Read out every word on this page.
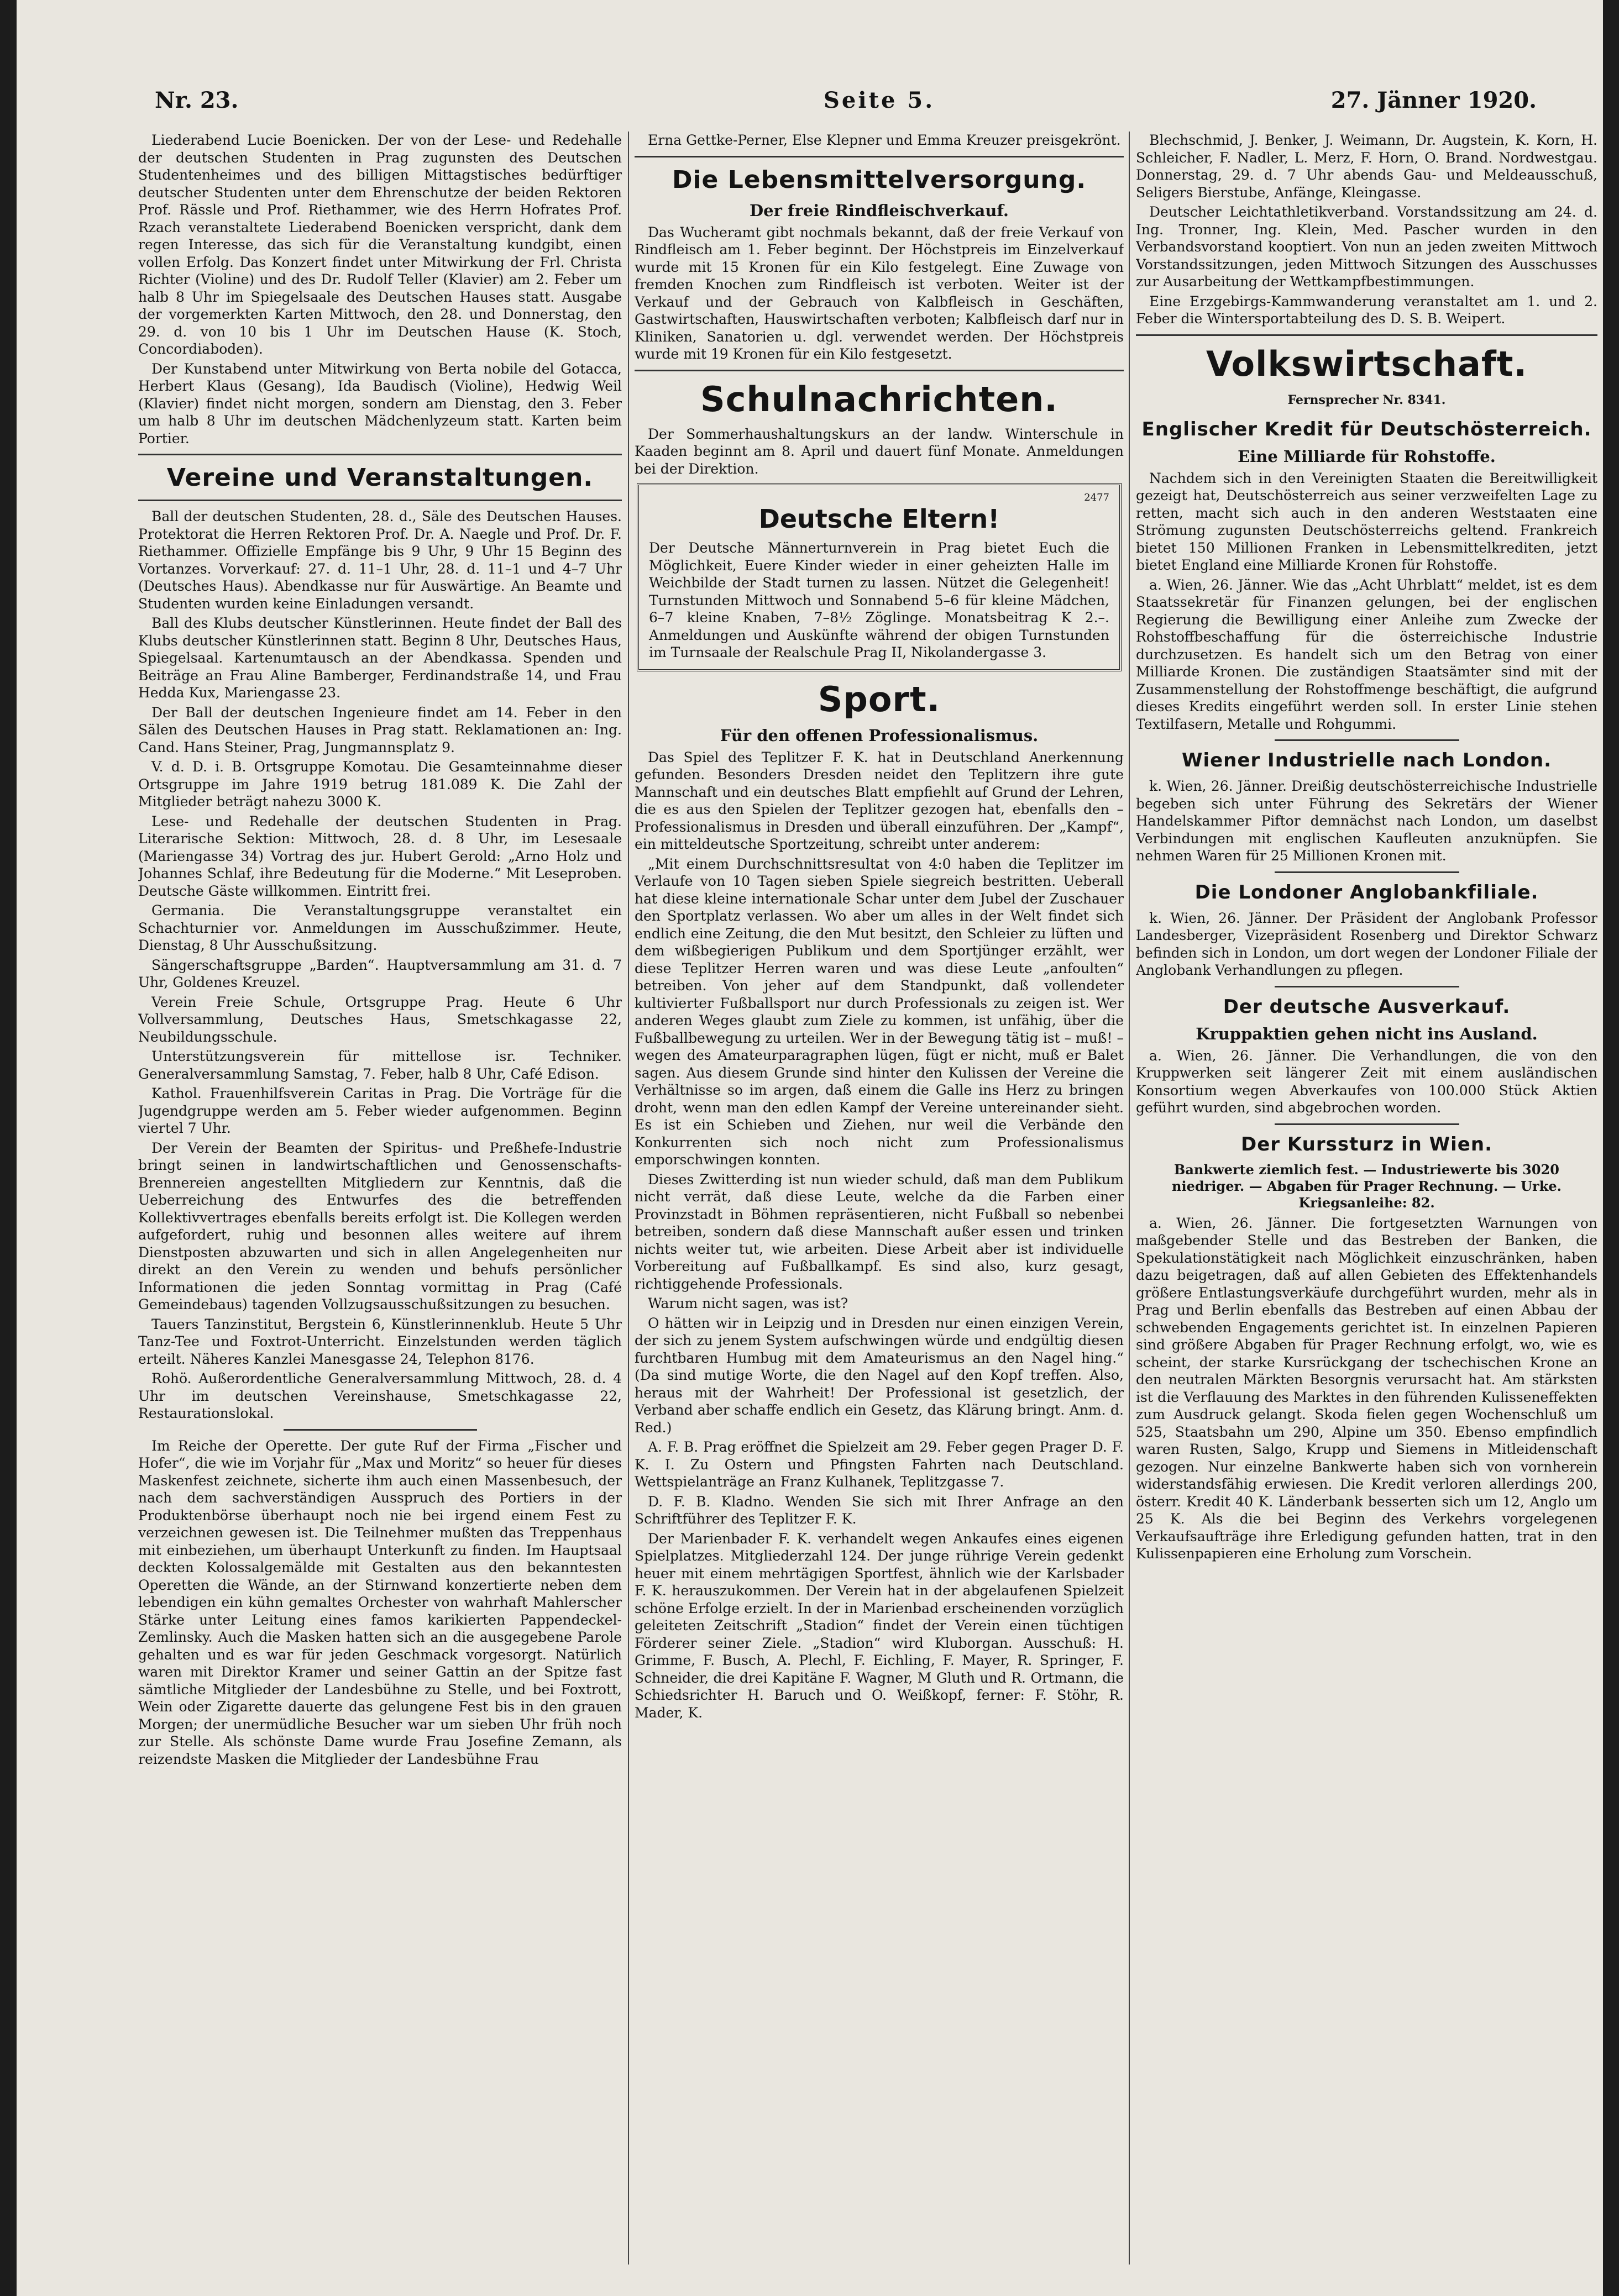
Nr. 23.	Seite 5.	27. Jänner 1920.

Liederabend Lucie Boenicken. Der von der Lese- und Redehalle der deutschen Studenten in Prag zugunsten des Deutschen Studentenheimes und des billigen Mittagstisches bedürftiger deutscher Studenten unter dem Ehrenschutze der beiden Rektoren Prof. Rässle und Prof. Riethammer, wie des Herrn Hofrates Prof. Rzach veranstaltete Liederabend Boenicken verspricht, dank dem regen Interesse, das sich für die Veranstaltung kundgibt, einen vollen Erfolg. Das Konzert findet unter Mitwirkung der Frl. Christa Richter (Violine) und des Dr. Rudolf Teller (Klavier) am 2. Feber um halb 8 Uhr im Spiegelsaale des Deutschen Hauses statt. Ausgabe der vorgemerkten Karten Mittwoch, den 28. und Donnerstag, den 29. d. von 10 bis 1 Uhr im Deutschen Hause (K. Stoch, Concordiaboden).

Der Kunstabend unter Mitwirkung von Berta nobile del Gotacca, Herbert Klaus (Gesang), Ida Baudisch (Violine), Hedwig Weil (Klavier) findet nicht morgen, sondern am Dienstag, den 3. Feber um halb 8 Uhr im deutschen Mädchenlyzeum statt. Karten beim Portier.

Vereine und Veranstaltungen.

Ball der deutschen Studenten, 28. d., Säle des Deutschen Hauses. Protektorat die Herren Rektoren Prof. Dr. A. Naegle und Prof. Dr. F. Riethammer. Offizielle Empfänge bis 9 Uhr, 9 Uhr 15 Beginn des Vortanzes. Vorverkauf: 27. d. 11–1 Uhr, 28. d. 11–1 und 4–7 Uhr (Deutsches Haus). Abendkasse nur für Auswärtige. An Beamte und Studenten wurden keine Einladungen versandt.

Ball des Klubs deutscher Künstlerinnen. Heute findet der Ball des Klubs deutscher Künstlerinnen statt. Beginn 8 Uhr, Deutsches Haus, Spiegelsaal. Kartenumtausch an der Abendkassa. Spenden und Beiträge an Frau Aline Bamberger, Ferdinandstraße 14, und Frau Hedda Kux, Mariengasse 23.

Der Ball der deutschen Ingenieure findet am 14. Feber in den Sälen des Deutschen Hauses in Prag statt. Reklamationen an: Ing. Cand. Hans Steiner, Prag, Jungmannsplatz 9.

V. d. D. i. B. Ortsgruppe Komotau. Die Gesamteinnahme dieser Ortsgruppe im Jahre 1919 betrug 181.089 K. Die Zahl der Mitglieder beträgt nahezu 3000 K.

Lese- und Redehalle der deutschen Studenten in Prag. Literarische Sektion: Mittwoch, 28. d. 8 Uhr, im Lesesaale (Mariengasse 34) Vortrag des jur. Hubert Gerold: „Arno Holz und Johannes Schlaf, ihre Bedeutung für die Moderne.“ Mit Leseproben. Deutsche Gäste willkommen. Eintritt frei.

Germania. Die Veranstaltungsgruppe veranstaltet ein Schachturnier vor. Anmeldungen im Ausschußzimmer. Heute, Dienstag, 8 Uhr Ausschußsitzung.

Sängerschaftsgruppe „Barden“. Hauptversammlung am 31. d. 7 Uhr, Goldenes Kreuzel.

Verein Freie Schule, Ortsgruppe Prag. Heute 6 Uhr Vollversammlung, Deutsches Haus, Smetschkagasse 22, Neubildungsschule.

Unterstützungsverein für mittellose isr. Techniker. Generalversammlung Samstag, 7. Feber, halb 8 Uhr, Café Edison.

Kathol. Frauenhilfsverein Caritas in Prag. Die Vorträge für die Jugendgruppe werden am 5. Feber wieder aufgenommen. Beginn viertel 7 Uhr.

Der Verein der Beamten der Spiritus- und Preßhefe-Industrie bringt seinen in landwirtschaftlichen und Genossenschafts-Brennereien angestellten Mitgliedern zur Kenntnis, daß die Ueberreichung des Entwurfes des die betreffenden Kollektivvertrages ebenfalls bereits erfolgt ist. Die Kollegen werden aufgefordert, ruhig und besonnen alles weitere auf ihrem Dienstposten abzuwarten und sich in allen Angelegenheiten nur direkt an den Verein zu wenden und behufs persönlicher Informationen die jeden Sonntag vormittag in Prag (Café Gemeindebaus) tagenden Vollzugsausschußsitzungen zu besuchen.

Tauers Tanzinstitut, Bergstein 6, Künstlerinnenklub. Heute 5 Uhr Tanz-Tee und Foxtrot-Unterricht. Einzelstunden werden täglich erteilt. Näheres Kanzlei Manesgasse 24, Telephon 8176.

Rohö. Außerordentliche Generalversammlung Mittwoch, 28. d. 4 Uhr im deutschen Vereinshause, Smetschkagasse 22, Restaurationslokal.

Im Reiche der Operette. Der gute Ruf der Firma „Fischer und Hofer“, die wie im Vorjahr für „Max und Moritz“ so heuer für dieses Maskenfest zeichnete, sicherte ihm auch einen Massenbesuch, der nach dem sachverständigen Ausspruch des Portiers in der Produktenbörse überhaupt noch nie bei irgend einem Fest zu verzeichnen gewesen ist. Die Teilnehmer mußten das Treppenhaus mit einbeziehen, um überhaupt Unterkunft zu finden. Im Hauptsaal deckten Kolossalgemälde mit Gestalten aus den bekanntesten Operetten die Wände, an der Stirnwand konzertierte neben dem lebendigen ein kühn gemaltes Orchester von wahrhaft Mahlerscher Stärke unter Leitung eines famos karikierten Pappendeckel-Zemlinsky. Auch die Masken hatten sich an die ausgegebene Parole gehalten und es war für jeden Geschmack vorgesorgt. Natürlich waren mit Direktor Kramer und seiner Gattin an der Spitze fast sämtliche Mitglieder der Landesbühne zu Stelle, und bei Foxtrott, Wein oder Zigarette dauerte das gelungene Fest bis in den grauen Morgen; der unermüdliche Besucher war um sieben Uhr früh noch zur Stelle. Als schönste Dame wurde Frau Josefine Zemann, als reizendste Masken die Mitglieder der Landesbühne Frau

Erna Gettke-Perner, Else Klepner und Emma Kreuzer preisgekrönt.

Die Lebensmittelversorgung.
Der freie Rindfleischverkauf.

Das Wucheramt gibt nochmals bekannt, daß der freie Verkauf von Rindfleisch am 1. Feber beginnt. Der Höchstpreis im Einzelverkauf wurde mit 15 Kronen für ein Kilo festgelegt. Eine Zuwage von fremden Knochen zum Rindfleisch ist verboten. Weiter ist der Verkauf und der Gebrauch von Kalbfleisch in Geschäften, Gastwirtschaften, Hauswirtschaften verboten; Kalbfleisch darf nur in Kliniken, Sanatorien u. dgl. verwendet werden. Der Höchstpreis wurde mit 19 Kronen für ein Kilo festgesetzt.

Schulnachrichten.

Der Sommerhaushaltungskurs an der landw. Winterschule in Kaaden beginnt am 8. April und dauert fünf Monate. Anmeldungen bei der Direktion.

2477
Deutsche Eltern!

Der Deutsche Männerturnverein in Prag bietet Euch die Möglichkeit, Euere Kinder wieder in einer geheizten Halle im Weichbilde der Stadt turnen zu lassen. Nützet die Gelegenheit! Turnstunden Mittwoch und Sonnabend 5–6 für kleine Mädchen, 6–7 kleine Knaben, 7–8½ Zöglinge. Monatsbeitrag K 2.–. Anmeldungen und Auskünfte während der obigen Turnstunden im Turnsaale der Realschule Prag II, Nikolandergasse 3.

Sport.
Für den offenen Professionalismus.

Das Spiel des Teplitzer F. K. hat in Deutschland Anerkennung gefunden. Besonders Dresden neidet den Teplitzern ihre gute Mannschaft und ein deutsches Blatt empfiehlt auf Grund der Lehren, die es aus den Spielen der Teplitzer gezogen hat, ebenfalls den – Professionalismus in Dresden und überall einzuführen. Der „Kampf“, ein mitteldeutsche Sportzeitung, schreibt unter anderem:

„Mit einem Durchschnittsresultat von 4:0 haben die Teplitzer im Verlaufe von 10 Tagen sieben Spiele siegreich bestritten. Ueberall hat diese kleine internationale Schar unter dem Jubel der Zuschauer den Sportplatz verlassen. Wo aber um alles in der Welt findet sich endlich eine Zeitung, die den Mut besitzt, den Schleier zu lüften und dem wißbegierigen Publikum und dem Sportjünger erzählt, wer diese Teplitzer Herren waren und was diese Leute „anfoulten“ betreiben. Von jeher auf dem Standpunkt, daß vollendeter kultivierter Fußballsport nur durch Professionals zu zeigen ist. Wer anderen Weges glaubt zum Ziele zu kommen, ist unfähig, über die Fußballbewegung zu urteilen. Wer in der Bewegung tätig ist – muß! – wegen des Amateurparagraphen lügen, fügt er nicht, muß er Balet sagen. Aus diesem Grunde sind hinter den Kulissen der Vereine die Verhältnisse so im argen, daß einem die Galle ins Herz zu bringen droht, wenn man den edlen Kampf der Vereine untereinander sieht. Es ist ein Schieben und Ziehen, nur weil die Verbände den Konkurrenten sich noch nicht zum Professionalismus emporschwingen konnten.

Dieses Zwitterding ist nun wieder schuld, daß man dem Publikum nicht verrät, daß diese Leute, welche da die Farben einer Provinzstadt in Böhmen repräsentieren, nicht Fußball so nebenbei betreiben, sondern daß diese Mannschaft außer essen und trinken nichts weiter tut, wie arbeiten. Diese Arbeit aber ist individuelle Vorbereitung auf Fußballkampf. Es sind also, kurz gesagt, richtiggehende Professionals.

Warum nicht sagen, was ist?

O hätten wir in Leipzig und in Dresden nur einen einzigen Verein, der sich zu jenem System aufschwingen würde und endgültig diesen furchtbaren Humbug mit dem Amateurismus an den Nagel hing.“ (Da sind mutige Worte, die den Nagel auf den Kopf treffen. Also, heraus mit der Wahrheit! Der Professional ist gesetzlich, der Verband aber schaffe endlich ein Gesetz, das Klärung bringt. Anm. d. Red.)

A. F. B. Prag eröffnet die Spielzeit am 29. Feber gegen Prager D. F. K. I. Zu Ostern und Pfingsten Fahrten nach Deutschland. Wettspielanträge an Franz Kulhanek, Teplitzgasse 7.

D. F. B. Kladno. Wenden Sie sich mit Ihrer Anfrage an den Schriftführer des Teplitzer F. K.

Der Marienbader F. K. verhandelt wegen Ankaufes eines eigenen Spielplatzes. Mitgliederzahl 124. Der junge rührige Verein gedenkt heuer mit einem mehrtägigen Sportfest, ähnlich wie der Karlsbader F. K. herauszukommen. Der Verein hat in der abgelaufenen Spielzeit schöne Erfolge erzielt. In der in Marienbad erscheinenden vorzüglich geleiteten Zeitschrift „Stadion“ findet der Verein einen tüchtigen Förderer seiner Ziele. „Stadion“ wird Kluborgan. Ausschuß: H. Grimme, F. Busch, A. Plechl, F. Eichling, F. Mayer, R. Springer, F. Schneider, die drei Kapitäne F. Wagner, M Gluth und R. Ortmann, die Schiedsrichter H. Baruch und O. Weißkopf, ferner: F. Stöhr, R. Mader, K.

Blechschmid, J. Benker, J. Weimann, Dr. Augstein, K. Korn, H. Schleicher, F. Nadler, L. Merz, F. Horn, O. Brand. Nordwestgau. Donnerstag, 29. d. 7 Uhr abends Gau- und Meldeausschuß, Seligers Bierstube, Anfänge, Kleingasse.

Deutscher Leichtathletikverband. Vorstandssitzung am 24. d. Ing. Tronner, Ing. Klein, Med. Pascher wurden in den Verbandsvorstand kooptiert. Von nun an jeden zweiten Mittwoch Vorstandssitzungen, jeden Mittwoch Sitzungen des Ausschusses zur Ausarbeitung der Wettkampfbestimmungen.

Eine Erzgebirgs-Kammwanderung veranstaltet am 1. und 2. Feber die Wintersportabteilung des D. S. B. Weipert.

Volkswirtschaft.
Fernsprecher Nr. 8341.
Englischer Kredit für Deutschösterreich.
Eine Milliarde für Rohstoffe.

Nachdem sich in den Vereinigten Staaten die Bereitwilligkeit gezeigt hat, Deutschösterreich aus seiner verzweifelten Lage zu retten, macht sich auch in den anderen Weststaaten eine Strömung zugunsten Deutschösterreichs geltend. Frankreich bietet 150 Millionen Franken in Lebensmittelkrediten, jetzt bietet England eine Milliarde Kronen für Rohstoffe.

a. Wien, 26. Jänner. Wie das „Acht Uhrblatt“ meldet, ist es dem Staatssekretär für Finanzen gelungen, bei der englischen Regierung die Bewilligung einer Anleihe zum Zwecke der Rohstoffbeschaffung für die österreichische Industrie durchzusetzen. Es handelt sich um den Betrag von einer Milliarde Kronen. Die zuständigen Staatsämter sind mit der Zusammenstellung der Rohstoffmenge beschäftigt, die aufgrund dieses Kredits eingeführt werden soll. In erster Linie stehen Textilfasern, Metalle und Rohgummi.

Wiener Industrielle nach London.

k. Wien, 26. Jänner. Dreißig deutschösterreichische Industrielle begeben sich unter Führung des Sekretärs der Wiener Handelskammer Piftor demnächst nach London, um daselbst Verbindungen mit englischen Kaufleuten anzuknüpfen. Sie nehmen Waren für 25 Millionen Kronen mit.

Die Londoner Anglobankfiliale.

k. Wien, 26. Jänner. Der Präsident der Anglobank Professor Landesberger, Vizepräsident Rosenberg und Direktor Schwarz befinden sich in London, um dort wegen der Londoner Filiale der Anglobank Verhandlungen zu pflegen.

Der deutsche Ausverkauf.
Kruppaktien gehen nicht ins Ausland.

a. Wien, 26. Jänner. Die Verhandlungen, die von den Kruppwerken seit längerer Zeit mit einem ausländischen Konsortium wegen Abverkaufes von 100.000 Stück Aktien geführt wurden, sind abgebrochen worden.

Der Kurssturz in Wien.
Bankwerte ziemlich fest. — Industriewerte bis 3020 niedriger. — Abgaben für Prager Rechnung. — Urke. Kriegsanleihe: 82.

a. Wien, 26. Jänner. Die fortgesetzten Warnungen von maßgebender Stelle und das Bestreben der Banken, die Spekulationstätigkeit nach Möglichkeit einzuschränken, haben dazu beigetragen, daß auf allen Gebieten des Effektenhandels größere Entlastungsverkäufe durchgeführt wurden, mehr als in Prag und Berlin ebenfalls das Bestreben auf einen Abbau der schwebenden Engagements gerichtet ist. In einzelnen Papieren sind größere Abgaben für Prager Rechnung erfolgt, wo, wie es scheint, der starke Kursrückgang der tschechischen Krone an den neutralen Märkten Besorgnis verursacht hat. Am stärksten ist die Verflauung des Marktes in den führenden Kulisseneffekten zum Ausdruck gelangt. Skoda fielen gegen Wochenschluß um 525, Staatsbahn um 290, Alpine um 350. Ebenso empfindlich waren Rusten, Salgo, Krupp und Siemens in Mitleidenschaft gezogen. Nur einzelne Bankwerte haben sich von vornherein widerstandsfähig erwiesen. Die Kredit verloren allerdings 200, österr. Kredit 40 K. Länderbank besserten sich um 12, Anglo um 25 K. Als die bei Beginn des Verkehrs vorgelegenen Verkaufsaufträge ihre Erledigung gefunden hatten, trat in den Kulissenpapieren eine Erholung zum Vorschein.
